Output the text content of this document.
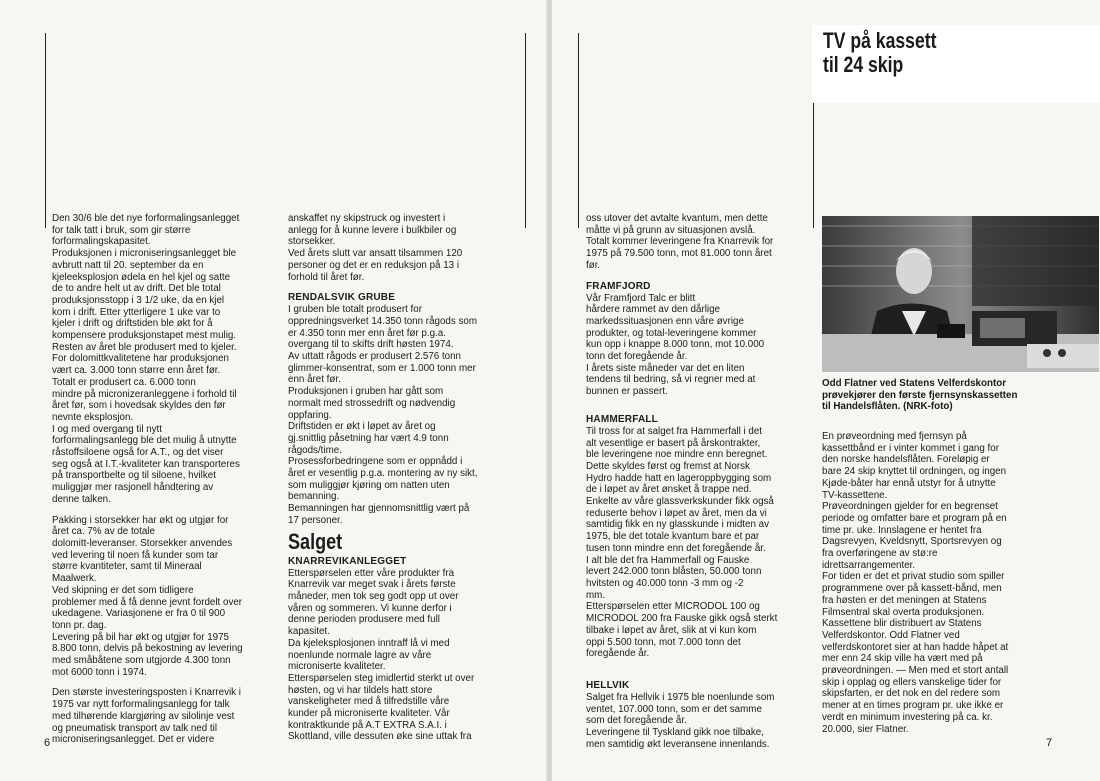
Den 30/6 ble det nye forformalingsanlegget
for talk tatt i bruk, som gir større
forformalingskapasitet.
Produksjonen i microniseringsanlegget ble
avbrutt natt til 20. september da en
kjeleeksplosjon ødela en hel kjel og satte
de to andre helt ut av drift. Det ble total
produksjonsstopp i 3 1/2 uke, da en kjel
kom i drift. Etter ytterligere 1 uke var to
kjeler i drift og driftstiden ble økt for å
kompensere produksjonstapet mest mulig.
Resten av året ble produsert med to kjeler.
For dolomittkvalitetene har produksjonen
vært ca. 3.000 tonn større enn året før.
Totalt er produsert ca. 6.000 tonn
mindre på micronizeranleggene i forhold til
året før, som i hovedsak skyldes den før
nevnte eksplosjon.
I og med overgang til nytt
forformalingsanlegg ble det mulig å utnytte
råstoffsiloene også for A.T., og det viser
seg også at I.T.-kvaliteter kan transporteres
på transportbelte og til siloene, hvilket
muliggjør mer rasjonell håndtering av
denne talken.

Pakking i storsekker har økt og utgjør for
året ca. 7% av de totale
dolomitt-leveranser. Storsekker anvendes
ved levering til noen få kunder som tar
større kvantiteter, samt til Mineraal
Maalwerk.
Ved skipning er det som tidligere
problemer med å få denne jevnt fordelt over
ukedagene. Variasjonene er fra 0 til 900
tonn pr. dag.
Levering på bil har økt og utgjør for 1975
8.800 tonn, delvis på bekostning av levering
med småbåtene som utgjorde 4.300 tonn
mot 6000 tonn i 1974.

Den største investeringsposten i Knarrevik i
1975 var nytt forformalingsanlegg for talk
med tilhørende klargjøring av silolinje vest
og pneumatisk transport av talk ned til
microniseringsanlegget. Det er videre

anskaffet ny skipstruck og investert i
anlegg for å kunne levere i bulkbiler og
storsekker.
Ved årets slutt var ansatt tilsammen 120
personer og det er en reduksjon på 13 i
forhold til året før.

RENDALSVIK GRUBE

I gruben ble totalt produsert for
oppredningsverket 14.350 tonn rågods som
er 4.350 tonn mer enn året før p.g.a.
overgang til to skifts drift høsten 1974.
Av uttatt rågods er produsert 2.576 tonn
glimmer-konsentrat, som er 1.000 tonn mer
enn året før.
Produksjonen i gruben har gått som
normalt med strossedrift og nødvendig
oppfaring.
Driftstiden er økt i løpet av året og
gj.snittlig påsetning har vært 4.9 tonn
rågods/time.
Prosessforbedringene som er oppnådd i
året er vesentlig p.g.a. montering av ny sikt,
som muliggjør kjøring om natten uten
bemanning.
Bemanningen har gjennomsnittlig vært på
17 personer.

Salget
KNARREVIKANLEGGET

Etterspørselen etter våre produkter fra
Knarrevik var meget svak i årets første
måneder, men tok seg godt opp ut over
våren og sommeren. Vi kunne derfor i
denne perioden produsere med full
kapasitet.
Da kjeleksplosjonen inntraff lå vi med
noenlunde normale lagre av våre
microniserte kvaliteter.
Etterspørselen steg imidlertid sterkt ut over
høsten, og vi har tildels hatt store
vanskeligheter med å tilfredstille våre
kunder på microniserte kvaliteter. Vår
kontraktkunde på A.T EXTRA S.A.I. i
Skottland, ville dessuten øke sine uttak fra

6

oss utover det avtalte kvantum, men dette
måtte vi på grunn av situasjonen avslå.
Totalt kommer leveringene fra Knarrevik for
1975 på 79.500 tonn, mot 81.000 tonn året
før.

FRAMFJORD

Vår Framfjord Talc er blitt
hårdere rammet av den dårlige
markedssituasjonen enn våre øvrige
produkter, og total-leveringene kommer
kun opp i knappe 8.000 tonn, mot 10.000
tonn det foregående år.
I årets siste måneder var det en liten
tendens til bedring, så vi regner med at
bunnen er passert.

HAMMERFALL

Til tross for at salget fra Hammerfall i det
alt vesentlige er basert på årskontrakter,
ble leveringene noe mindre enn beregnet.
Dette skyldes først og fremst at Norsk
Hydro hadde hatt en lageroppbygging som
de i løpet av året ønsket å trappe ned.
Enkelte av våre glassverkskunder fikk også
reduserte behov i løpet av året, men da vi
samtidig fikk en ny glasskunde i midten av
1975, ble det totale kvantum bare et par
tusen tonn mindre enn det foregående år.
I alt ble det fra Hammerfall og Fauske
levert 242.000 tonn blåsten, 50.000 tonn
hvitsten og 40.000 tonn -3 mm og -2
mm.
Etterspørselen etter MICRODOL 100 og
MICRODOL 200 fra Fauske gikk også sterkt
tilbake i løpet av året, slik at vi kun kom
oppi 5.500 tonn, mot 7.000 tonn det
foregående år.

HELLVIK

Salget fra Hellvik i 1975 ble noenlunde som
ventet, 107.000 tonn, som er det samme
som det foregående år.
Leveringene til Tyskland gikk noe tilbake,
men samtidig økt leveransene innenlands.	7
TV på kassett
til 24 skip
Odd Flatner ved Statens Velferdskontor
prøvekjører den første fjernsynskassetten
til Handelsflåten. (NRK-foto)

En prøveordning med fjernsyn på
kassettbånd er i vinter kommet i gang for
den norske handelsflåten. Foreløpig er
bare 24 skip knyttet til ordningen, og ingen
Kjøde-båter har ennå utstyr for å utnytte
TV-kassettene.
Prøveordningen gjelder for en begrenset
periode og omfatter bare et program på en
time pr. uke. Innslagene er hentet fra
Dagsrevyen, Kveldsnytt, Sportsrevyen og
fra overføringene av stø:re
idrettsarrangementer.
For tiden er det et privat studio som spiller
programmene over på kassett-bånd, men
fra høsten er det meningen at Statens
Filmsentral skal overta produksjonen.
Kassettene blir distribuert av Statens
Velferdskontor. Odd Flatner ved
velferdskontoret sier at han hadde håpet at
mer enn 24 skip ville ha vært med på
prøveordningen. — Men med et stort antall
skip i opplag og ellers vanskelige tider for
skipsfarten, er det nok en del redere som
mener at en times program pr. uke ikke er
verdt en minimum investering på ca. kr.
20.000, sier Flatner.
